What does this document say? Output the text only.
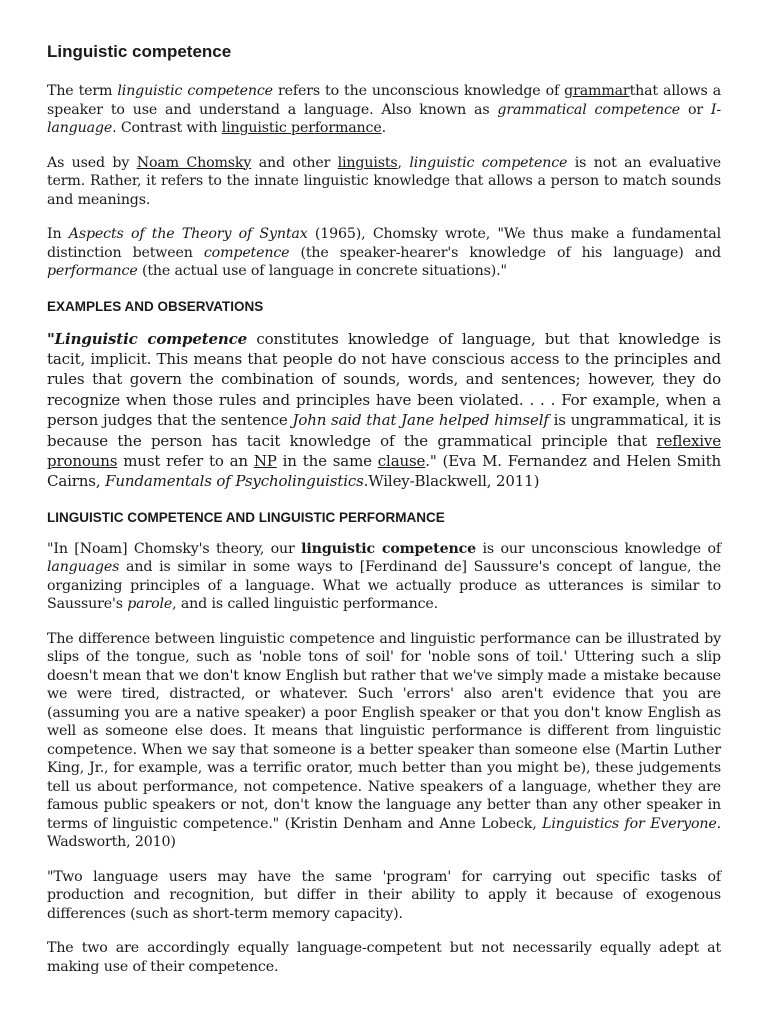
Linguistic competence

The term linguistic competence refers to the unconscious knowledge of grammarthat allows a speaker to use and understand a language. Also known as grammatical competence or I-language. Contrast with linguistic performance.

As used by Noam Chomsky and other linguists, linguistic competence is not an evaluative term. Rather, it refers to the innate linguistic knowledge that allows a person to match sounds and meanings.

In Aspects of the Theory of Syntax (1965), Chomsky wrote, "We thus make a fundamental distinction between competence (the speaker-hearer's knowledge of his language) and performance (the actual use of language in concrete situations)."

EXAMPLES AND OBSERVATIONS

"Linguistic competence constitutes knowledge of language, but that knowledge is tacit, implicit. This means that people do not have conscious access to the principles and rules that govern the combination of sounds, words, and sentences; however, they do recognize when those rules and principles have been violated. . . . For example, when a person judges that the sentence John said that Jane helped himself is ungrammatical, it is because the person has tacit knowledge of the grammatical principle that reflexive pronouns must refer to an NP in the same clause." (Eva M. Fernandez and Helen Smith Cairns, Fundamentals of Psycholinguistics.Wiley-Blackwell, 2011)

LINGUISTIC COMPETENCE AND LINGUISTIC PERFORMANCE

"In [Noam] Chomsky's theory, our linguistic competence is our unconscious knowledge of languages and is similar in some ways to [Ferdinand de] Saussure's concept of langue, the organizing principles of a language. What we actually produce as utterances is similar to Saussure's parole, and is called linguistic performance.

The difference between linguistic competence and linguistic performance can be illustrated by slips of the tongue, such as 'noble tons of soil' for 'noble sons of toil.' Uttering such a slip doesn't mean that we don't know English but rather that we've simply made a mistake because we were tired, distracted, or whatever. Such 'errors' also aren't evidence that you are (assuming you are a native speaker) a poor English speaker or that you don't know English as well as someone else does. It means that linguistic performance is different from linguistic competence. When we say that someone is a better speaker than someone else (Martin Luther King, Jr., for example, was a terrific orator, much better than you might be), these judgements tell us about performance, not competence. Native speakers of a language, whether they are famous public speakers or not, don't know the language any better than any other speaker in terms of linguistic competence." (Kristin Denham and Anne Lobeck, Linguistics for Everyone. Wadsworth, 2010)

"Two language users may have the same 'program' for carrying out specific tasks of production and recognition, but differ in their ability to apply it because of exogenous differences (such as short-term memory capacity).

The two are accordingly equally language-competent but not necessarily equally adept at making use of their competence.
